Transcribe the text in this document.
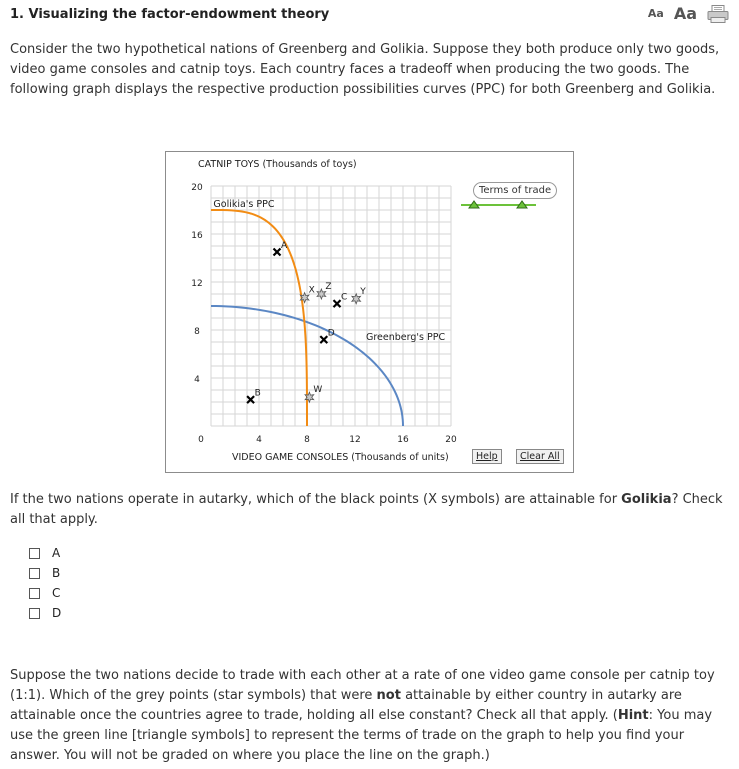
1. Visualizing the factor-endowment theory	Aa Aa
Consider the two hypothetical nations of Greenberg and Golikia. Suppose they both produce only two goods, video game consoles and catnip toys. Each country faces a tradeoff when producing the two goods. The following graph displays the respective production possibilities curves (PPC) for both Greenberg and Golikia.
CATNIP TOYS (Thousands of toys)
VIDEO GAME CONSOLES (Thousands of units)
20
16
12
8
4
4	8	12	16	20
0
Golikia's PPC
Greenberg's PPC
A
B
C
D
X Z	Y
W
Terms of trade
Help	Clear All
If the two nations operate in autarky, which of the black points (X symbols) are attainable for Golikia? Check all that apply.
A
B
C
D
Suppose the two nations decide to trade with each other at a rate of one video game console per catnip toy (1:1). Which of the grey points (star symbols) that were not attainable by either country in autarky are attainable once the countries agree to trade, holding all else constant? Check all that apply. (Hint: You may use the green line [triangle symbols] to represent the terms of trade on the graph to help you find your answer. You will not be graded on where you place the line on the graph.)
